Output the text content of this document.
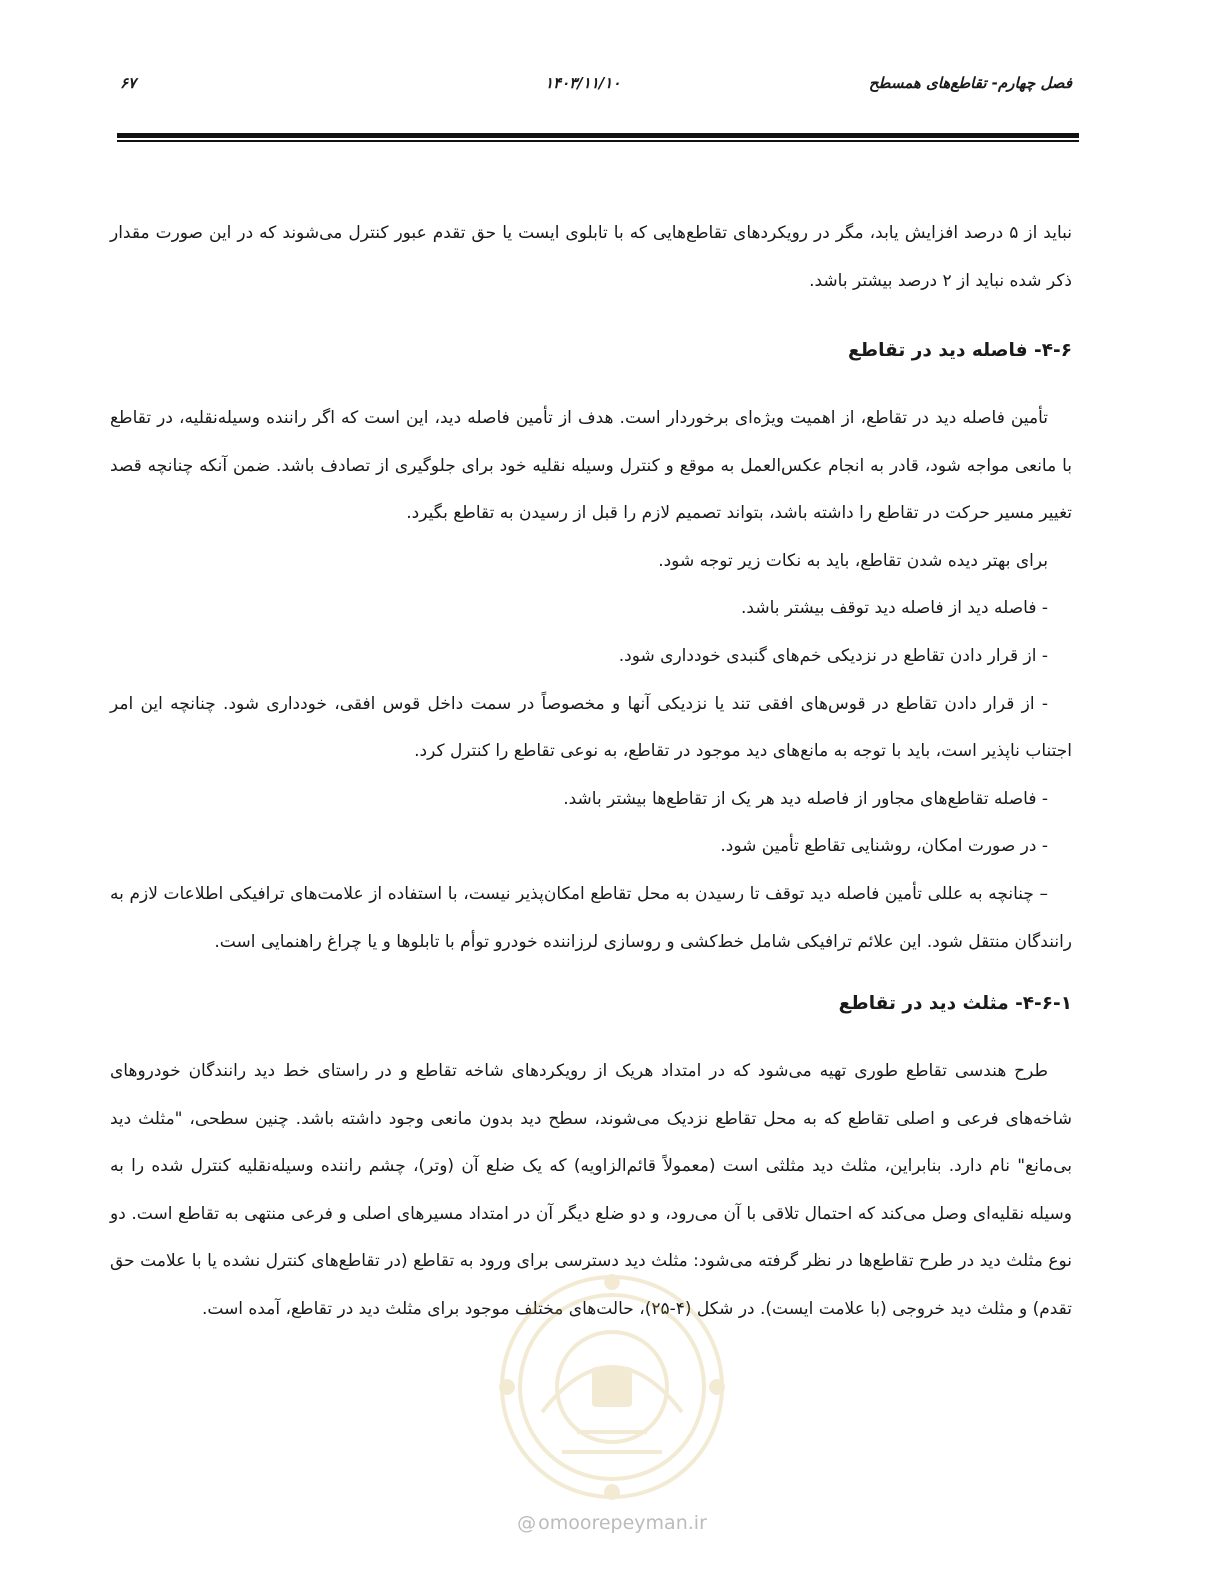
فصل چهارم- تقاطع‌های همسطح
۱۴۰۳/۱۱/۱۰
۶۷

نباید از ۵ درصد افزایش یابد، مگر در رویکردهای تقاطع‌هایی که با تابلوی ایست یا حق تقدم عبور کنترل می‌شوند که در این صورت مقدار ذکر شده نباید از ۲ درصد بیشتر باشد.

۴-۶- فاصله دید در تقاطع

تأمین فاصله دید در تقاطع، از اهمیت ویژه‌ای برخوردار است. هدف از تأمین فاصله دید، این است که اگر راننده وسیله‌نقلیه، در تقاطع با مانعی مواجه شود، قادر به انجام عکس‌العمل به موقع و کنترل وسیله نقلیه خود برای جلوگیری از تصادف باشد. ضمن آنکه چنانچه قصد تغییر مسیر حرکت در تقاطع را داشته باشد، بتواند تصمیم لازم را قبل از رسیدن به تقاطع بگیرد.

برای بهتر دیده شدن تقاطع، باید به نکات زیر توجه شود.

- فاصله دید از فاصله دید توقف بیشتر باشد.

- از قرار دادن تقاطع در نزدیکی خم‌های گنبدی خودداری شود.

- از قرار دادن تقاطع در قوس‌های افقی تند یا نزدیکی آنها و مخصوصاً در سمت داخل قوس افقی، خودداری شود. چنانچه این امر اجتناب ناپذیر است، باید با توجه به مانع‌های دید موجود در تقاطع، به نوعی تقاطع را کنترل کرد.

- فاصله تقاطع‌های مجاور از فاصله دید هر یک از تقاطع‌ها بیشتر باشد.

- در صورت امکان، روشنایی تقاطع تأمین شود.

– چنانچه به عللی تأمین فاصله دید توقف تا رسیدن به محل تقاطع امکان‌پذیر نیست، با استفاده از علامت‌های ترافیکی اطلاعات لازم به رانندگان منتقل شود. این علائم ترافیکی شامل خط‌کشی و روسازی لرزاننده خودرو توأم با تابلوها و یا چراغ راهنمایی است.

۴-۶-۱- مثلث دید در تقاطع

طرح هندسی تقاطع طوری تهیه می‌شود که در امتداد هریک از رویکردهای شاخه تقاطع و در راستای خط دید رانندگان خودروهای شاخه‌های فرعی و اصلی تقاطع که به محل تقاطع نزدیک می‌شوند، سطح دید بدون مانعی وجود داشته باشد. چنین سطحی، "مثلث دید بی‌مانع" نام دارد. بنابراین، مثلث دید مثلثی است (معمولاً قائم‌الزاویه) که یک ضلع آن (وتر)، چشم راننده وسیله‌نقلیه کنترل شده را به وسیله نقلیه‌ای وصل می‌کند که احتمال تلاقی با آن می‌رود، و دو ضلع دیگر آن در امتداد مسیرهای اصلی و فرعی منتهی به تقاطع است. دو نوع مثلث دید در طرح تقاطع‌ها در نظر گرفته می‌شود: مثلث دید دسترسی برای ورود به تقاطع (در تقاطع‌های کنترل نشده یا با علامت حق تقدم) و مثلث دید خروجی (با علامت ایست). در شکل (۴-۲۵)، حالت‌های مختلف موجود برای مثلث دید در تقاطع، آمده است.

@ omoorepeyman.ir
